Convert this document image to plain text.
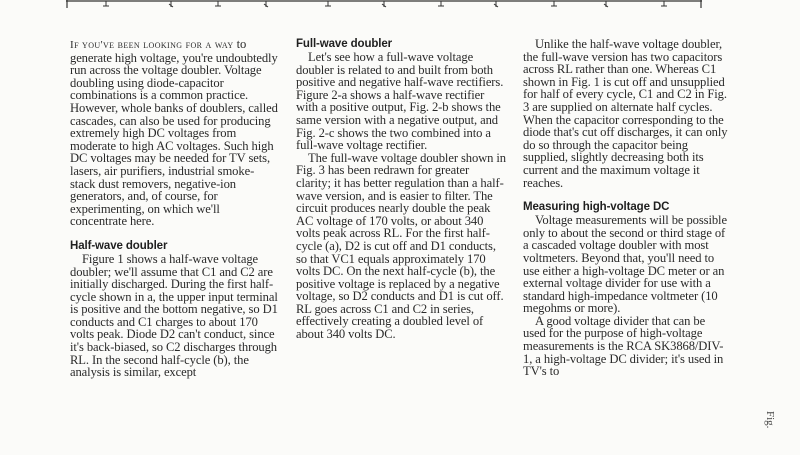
If you've been looking for a way to generate high voltage, you're undoubtedly run across the voltage doubler. Voltage doubling using diode-capacitor combinations is a common practice. However, whole banks of doublers, called cascades, can also be used for producing extremely high DC voltages from moderate to high AC voltages. Such high DC voltages may be needed for TV sets, lasers, air purifiers, industrial smoke-stack dust removers, negative-ion generators, and, of course, for experimenting, on which we'll concentrate here.

Half-wave doubler

Figure 1 shows a half-wave voltage doubler; we'll assume that C1 and C2 are initially discharged. During the first half-cycle shown in a, the upper input terminal is positive and the bottom negative, so D1 conducts and C1 charges to about 170 volts peak. Diode D2 can't conduct, since it's back-biased, so C2 discharges through RL. In the second half-cycle (b), the analysis is similar, except

Full-wave doubler

Let's see how a full-wave voltage doubler is related to and built from both positive and negative half-wave rectifiers. Figure 2-a shows a half-wave rectifier with a positive output, Fig. 2-b shows the same version with a negative output, and Fig. 2-c shows the two combined into a full-wave voltage rectifier.

The full-wave voltage doubler shown in Fig. 3 has been redrawn for greater clarity; it has better regulation than a half-wave version, and is easier to filter. The circuit produces nearly double the peak AC voltage of 170 volts, or about 340 volts peak across RL. For the first half-cycle (a), D2 is cut off and D1 conducts, so that VC1 equals approximately 170 volts DC. On the next half-cycle (b), the positive voltage is replaced by a negative voltage, so D2 conducts and D1 is cut off. RL goes across C1 and C2 in series, effectively creating a doubled level of about 340 volts DC.

Unlike the half-wave voltage doubler, the full-wave version has two capacitors across RL rather than one. Whereas C1 shown in Fig. 1 is cut off and unsupplied for half of every cycle, C1 and C2 in Fig. 3 are supplied on alternate half cycles. When the capacitor corresponding to the diode that's cut off discharges, it can only do so through the capacitor being supplied, slightly decreasing both its current and the maximum voltage it reaches.

Measuring high-voltage DC

Voltage measurements will be possible only to about the second or third stage of a cascaded voltage doubler with most voltmeters. Beyond that, you'll need to use either a high-voltage DC meter or an external voltage divider for use with a standard high-impedance voltmeter (10 megohms or more).

A good voltage divider that can be used for the purpose of high-voltage measurements is the RCA SK3868/DIV-1, a high-voltage DC divider; it's used in TV's to

Fig.
